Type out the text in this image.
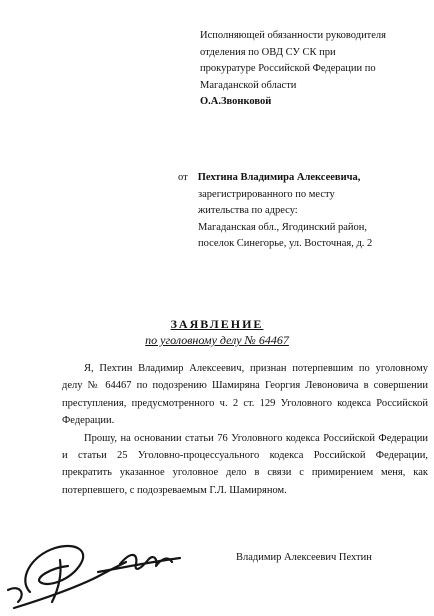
Исполняющей обязанности руководителя
отделения по ОВД СУ СК при
прокуратуре Российской Федерации по
Магаданской области
О.А.Звонковой
от Пехтина Владимира Алексеевича,
зарегистрированного по месту
жительства по адресу:
Магаданская обл., Ягодинский район,
поселок Синегорье, ул. Восточная, д. 2
ЗАЯВЛЕНИЕ
по уголовному делу № 64467

Я, Пехтин Владимир Алексеевич, признан потерпевшим по уголовному делу № 64467 по подозрению Шамиряна Георгия Левоновича в совершении преступления, предусмотренного ч. 2 ст. 129 Уголовного кодекса Российской Федерации.

Прошу, на основании статьи 76 Уголовного кодекса Российской Федерации и статьи 25 Уголовно-процессуального кодекса Российской Федерации, прекратить указанное уголовное дело в связи с примирением меня, как потерпевшего, с подозреваемым Г.Л. Шамиряном.

Владимир Алексеевич Пехтин
